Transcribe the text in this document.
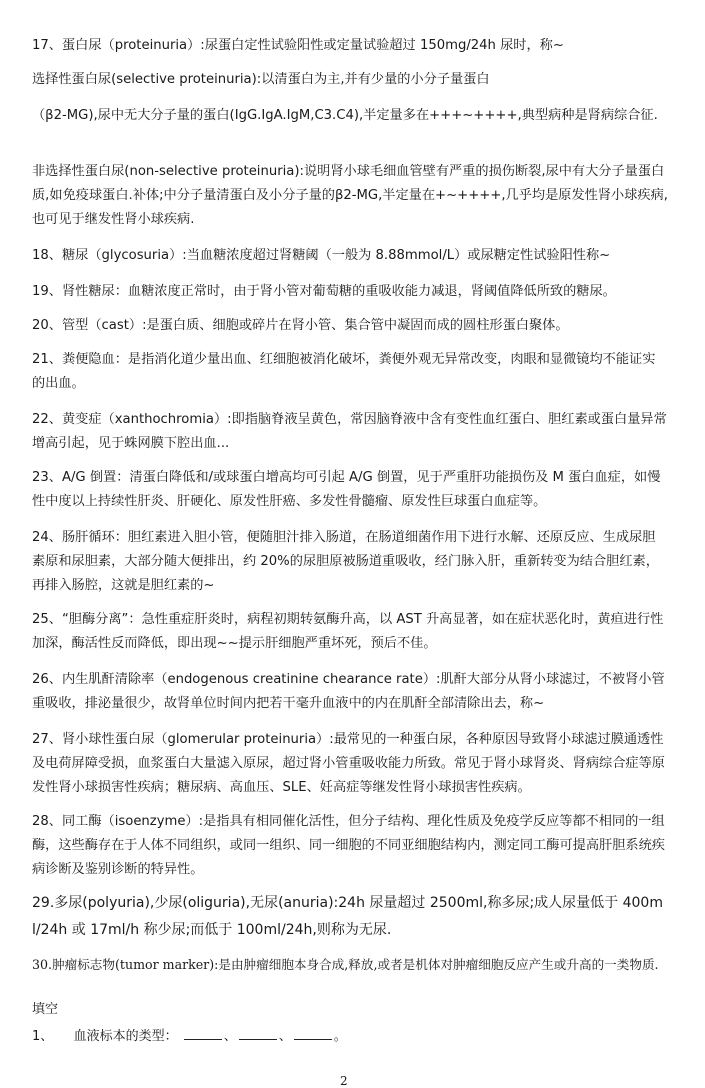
17、蛋白尿（proteinuria）:尿蛋白定性试验阳性或定量试验超过 150mg/24h 尿时，称~

选择性蛋白尿(selective proteinuria):以清蛋白为主,并有少量的小分子量蛋白

（β2-MG),尿中无大分子量的蛋白(IgG.IgA.IgM,C3.C4),半定量多在+++~++++,典型病种是肾病综合征.

非选择性蛋白尿(non-selective proteinuria):说明肾小球毛细血管壁有严重的损伤断裂,尿中有大分子量蛋白质,如免疫球蛋白.补体;中分子量清蛋白及小分子量的β2-MG,半定量在+~++++,几乎均是原发性肾小球疾病,也可见于继发性肾小球疾病.

18、糖尿（glycosuria）:当血糖浓度超过肾糖阈（一般为 8.88mmol/L）或尿糖定性试验阳性称~

19、肾性糖尿：血糖浓度正常时，由于肾小管对葡萄糖的重吸收能力减退，肾阈值降低所致的糖尿。

20、管型（cast）:是蛋白质、细胞或碎片在肾小管、集合管中凝固而成的圆柱形蛋白聚体。

21、粪便隐血：是指消化道少量出血、红细胞被消化破坏，粪便外观无异常改变，肉眼和显微镜均不能证实的出血。

22、黄变症（xanthochromia）:即指脑脊液呈黄色，常因脑脊液中含有变性血红蛋白、胆红素或蛋白量异常增高引起，见于蛛网膜下腔出血...

23、A/G 倒置：清蛋白降低和/或球蛋白增高均可引起 A/G 倒置，见于严重肝功能损伤及 M 蛋白血症，如慢性中度以上持续性肝炎、肝硬化、原发性肝癌、多发性骨髓瘤、原发性巨球蛋白血症等。

24、肠肝循环：胆红素进入胆小管，便随胆汁排入肠道，在肠道细菌作用下进行水解、还原反应、生成尿胆素原和尿胆素，大部分随大便排出，约 20%的尿胆原被肠道重吸收，经门脉入肝，重新转变为结合胆红素，再排入肠腔，这就是胆红素的~

25、“胆酶分离”：急性重症肝炎时，病程初期转氨酶升高，以 AST 升高显著，如在症状恶化时，黄疸进行性加深，酶活性反而降低，即出现~~提示肝细胞严重坏死，预后不佳。

26、内生肌酐清除率（endogenous creatinine chearance rate）:肌酐大部分从肾小球滤过，不被肾小管重吸收，排泌量很少，故肾单位时间内把若干毫升血液中的内在肌酐全部清除出去，称~

27、肾小球性蛋白尿（glomerular proteinuria）:最常见的一种蛋白尿，各种原因导致肾小球滤过膜通透性及电荷屏障受损，血浆蛋白大量滤入原尿，超过肾小管重吸收能力所致。常见于肾小球肾炎、肾病综合症等原发性肾小球损害性疾病；糖尿病、高血压、SLE、妊高症等继发性肾小球损害性疾病。

28、同工酶（isoenzyme）:是指具有相同催化活性，但分子结构、理化性质及免疫学反应等都不相同的一组酶，这些酶存在于人体不同组织，或同一组织、同一细胞的不同亚细胞结构内，测定同工酶可提高肝胆系统疾病诊断及鉴别诊断的特异性。

29.多尿(polyuria),少尿(oliguria),无尿(anuria):24h 尿量超过 2500ml,称多尿;成人尿量低于 400ml/24h 或 17ml/h 称少尿;而低于 100ml/24h,则称为无尿.

30.肿瘤标志物(tumor marker):是由肿瘤细胞本身合成,释放,或者是机体对肿瘤细胞反应产生或升高的一类物质.

填空
1、 血液标本的类型：	、	、	。
2
